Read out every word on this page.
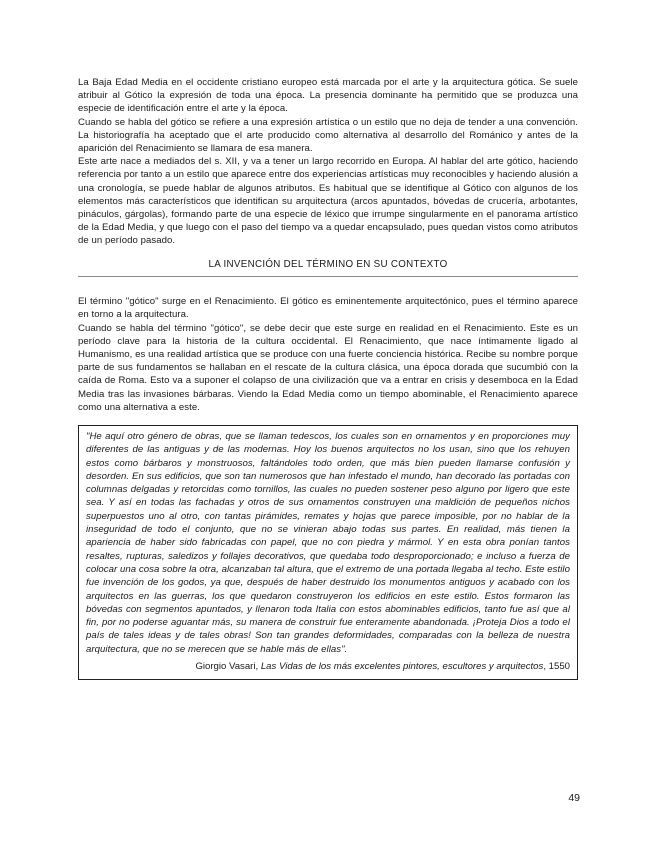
La Baja Edad Media en el occidente cristiano europeo está marcada por el arte y la arquitectura gótica. Se suele atribuir al Gótico la expresión de toda una época. La presencia dominante ha permitido que se produzca una especie de identificación entre el arte y la época.

Cuando se habla del gótico se refiere a una expresión artística o un estilo que no deja de tender a una convención. La historiografía ha aceptado que el arte producido como alternativa al desarrollo del Románico y antes de la aparición del Renacimiento se llamara de esa manera.

Este arte nace a mediados del s. XII, y va a tener un largo recorrido en Europa. Al hablar del arte gótico, haciendo referencia por tanto a un estilo que aparece entre dos experiencias artísticas muy reconocibles y haciendo alusión a una cronología, se puede hablar de algunos atributos. Es habitual que se identifique al Gótico con algunos de los elementos más característicos que identifican su arquitectura (arcos apuntados, bóvedas de crucería, arbotantes, pináculos, gárgolas), formando parte de una especie de léxico que irrumpe singularmente en el panorama artístico de la Edad Media, y que luego con el paso del tiempo va a quedar encapsulado, pues quedan vistos como atributos de un período pasado.

LA INVENCIÓN DEL TÉRMINO EN SU CONTEXTO

El término "gótico" surge en el Renacimiento. El gótico es eminentemente arquitectónico, pues el término aparece en torno a la arquitectura.

Cuando se habla del término "gótico", se debe decir que este surge en realidad en el Renacimiento. Este es un período clave para la historia de la cultura occidental. El Renacimiento, que nace íntimamente ligado al Humanismo, es una realidad artística que se produce con una fuerte conciencia histórica. Recibe su nombre porque parte de sus fundamentos se hallaban en el rescate de la cultura clásica, una época dorada que sucumbió con la caída de Roma. Esto va a suponer el colapso de una civilización que va a entrar en crisis y desemboca en la Edad Media tras las invasiones bárbaras. Viendo la Edad Media como un tiempo abominable, el Renacimiento aparece como una alternativa a este.

"He aquí otro género de obras, que se llaman tedescos, los cuales son en ornamentos y en proporciones muy diferentes de las antiguas y de las modernas. Hoy los buenos arquitectos no los usan, sino que los rehuyen estos como bárbaros y monstruosos, faltándoles todo orden, que más bien pueden llamarse confusión y desorden. En sus edificios, que son tan numerosos que han infestado el mundo, han decorado las portadas con columnas delgadas y retorcidas como tornillos, las cuales no pueden sostener peso alguno por ligero que este sea. Y así en todas las fachadas y otros de sus ornamentos construyen una maldición de pequeños nichos superpuestos uno al otro, con tantas pirámides, remates y hojas que parece imposible, por no hablar de la inseguridad de todo el conjunto, que no se vinieran abajo todas sus partes. En realidad, más tienen la apariencia de haber sido fabricadas con papel, que no con piedra y mármol. Y en esta obra ponían tantos resaltes, rupturas, saledizos y follajes decorativos, que quedaba todo desproporcionado; e incluso a fuerza de colocar una cosa sobre la otra, alcanzaban tal altura, que el extremo de una portada llegaba al techo. Este estilo fue invención de los godos, ya que, después de haber destruido los monumentos antiguos y acabado con los arquitectos en las guerras, los que quedaron construyeron los edificios en este estilo. Estos formaron las bóvedas con segmentos apuntados, y llenaron toda Italia con estos abominables edificios, tanto fue así que al fin, por no poderse aguantar más, su manera de construir fue enteramente abandonada. ¡Proteja Dios a todo el país de tales ideas y de tales obras! Son tan grandes deformidades, comparadas con la belleza de nuestra arquitectura, que no se merecen que se hable más de ellas".

Giorgio Vasari, Las Vidas de los más excelentes pintores, escultores y arquitectos, 1550
49
